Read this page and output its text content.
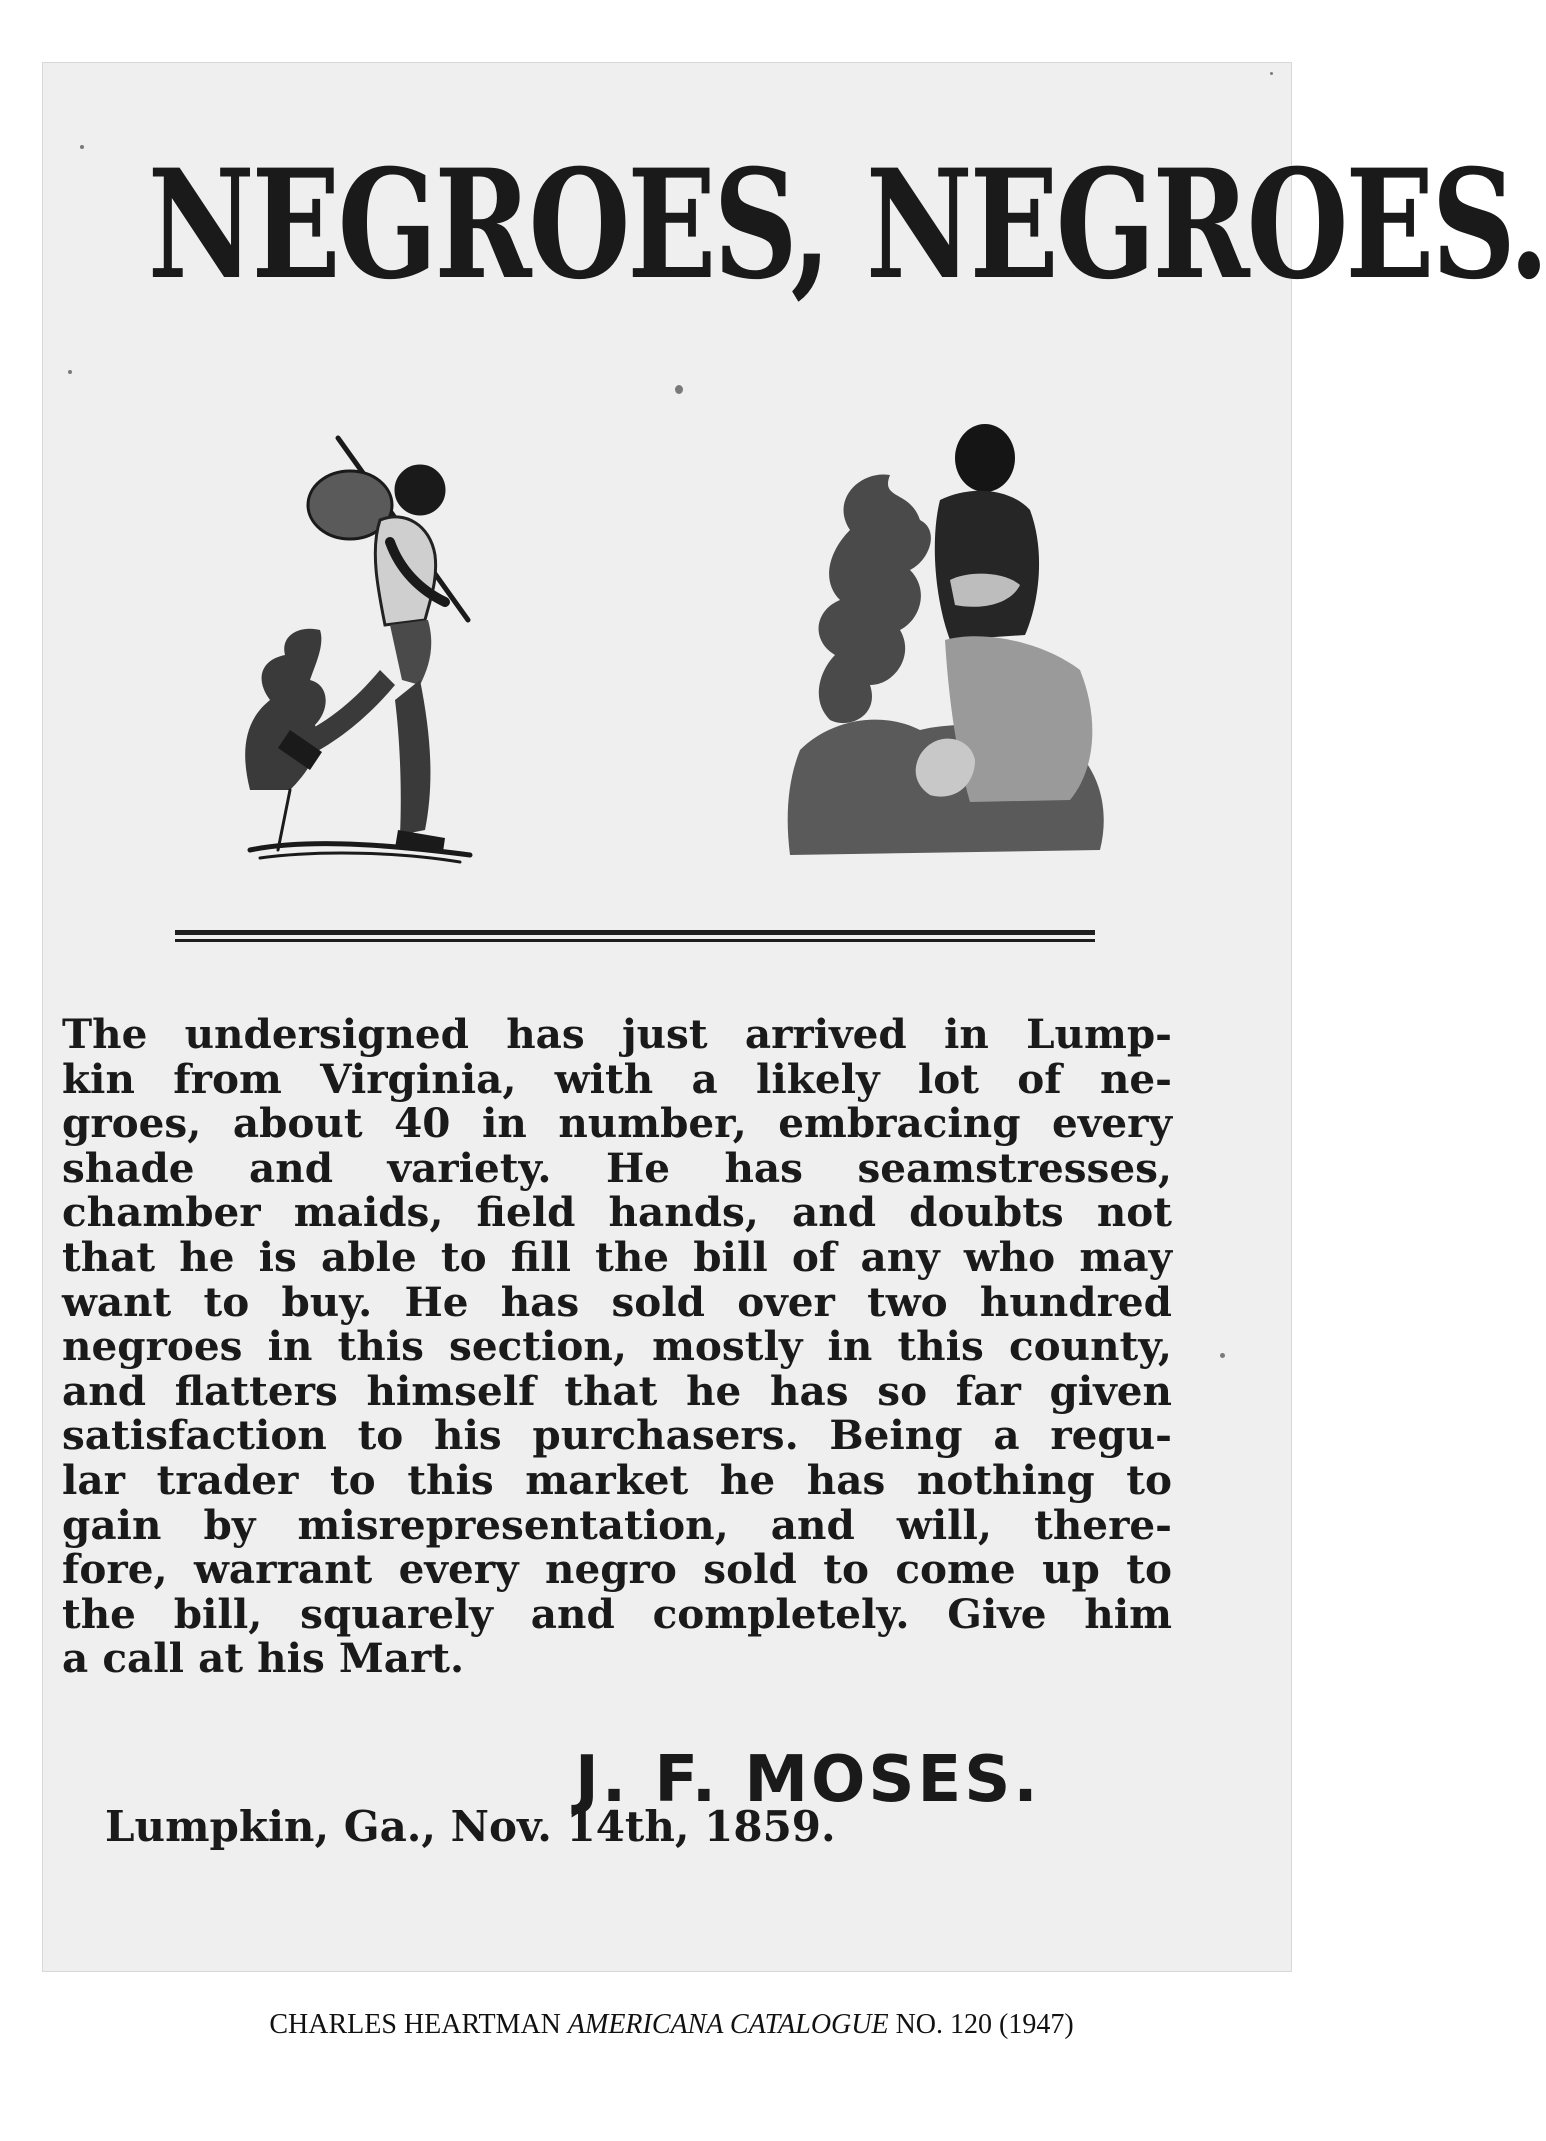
NEGROES, NEGROES.
The undersigned has just arrived in Lump-
kin from Virginia, with a likely lot of ne-
groes, about 40 in number, embracing every
shade and variety. He has seamstresses,
chamber maids, field hands, and doubts not
that he is able to fill the bill of any who may
want to buy. He has sold over two hundred
negroes in this section, mostly in this county,
and flatters himself that he has so far given
satisfaction to his purchasers. Being a regu-
lar trader to this market he has nothing to
gain by misrepresentation, and will, there-
fore, warrant every negro sold to come up to
the bill, squarely and completely. Give him
a call at his Mart.
J. F. MOSES.
Lumpkin, Ga., Nov. 14th, 1859.
CHARLES HEARTMAN AMERICANA CATALOGUE NO. 120 (1947)
